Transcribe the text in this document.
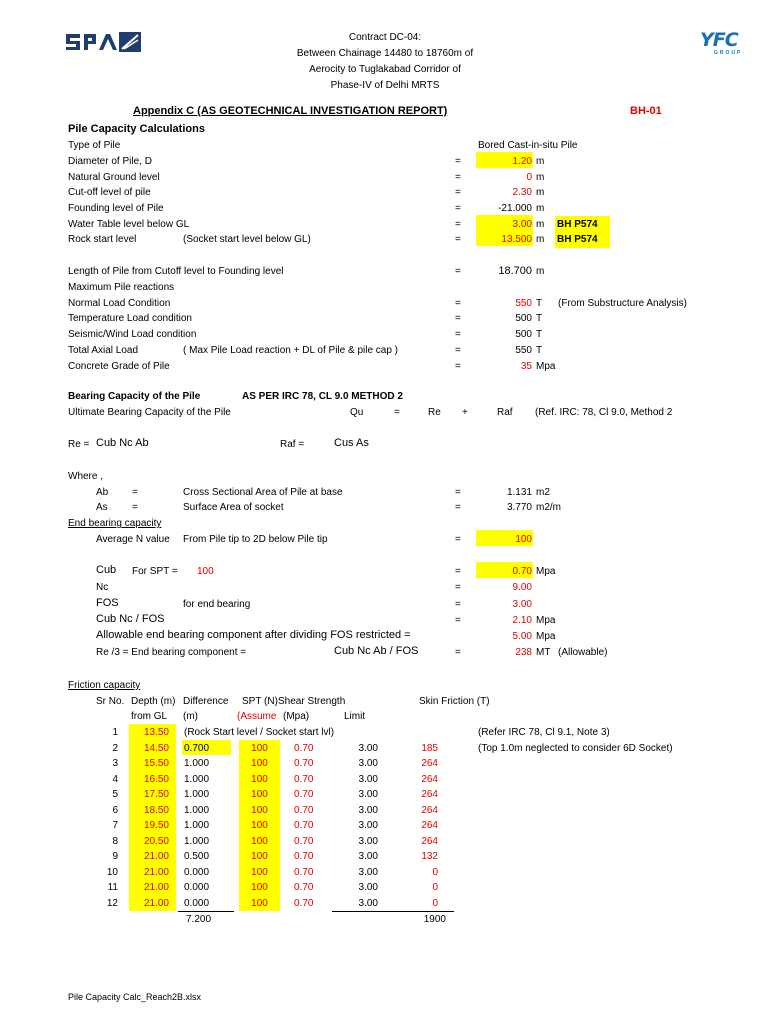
YFC
GROUP
Contract DC-04:
Between Chainage 14480 to 18760m of
Aerocity to Tuglakabad Corridor of
Phase-IV of Delhi MRTS
Appendix C (AS GEOTECHNICAL INVESTIGATION REPORT)	BH-01
Pile Capacity Calculations
Type of Pile	Bored Cast-in-situ Pile
Diameter of Pile, D	=	1.20 m
Natural Ground level	=	0 m
Cut-off level of pile	=	2.30 m
Founding level of Pile	=	-21.000 m
Water Table level below GL	=	3.00 m BH P574
Rock start level	(Socket start level below GL)	=	13.500 m BH P574
Length of Pile from Cutoff level to Founding level	=	18.700 m
Maximum Pile reactions
Normal Load Condition	=	550 T (From Substructure Analysis)
Temperature Load condition	=	500 T
Seismic/Wind Load condition	=	500 T
Total Axial Load	( Max Pile Load reaction + DL of Pile & pile cap )	=	550 T
Concrete Grade of Pile	=	35 Mpa
Bearing Capacity of the Pile	AS PER IRC 78, CL 9.0 METHOD 2
Ultimate Bearing Capacity of the Pile	Qu	=	Re +	Raf (Ref. IRC: 78, Cl 9.0, Method 2
Re = Cub Nc Ab	Raf =	Cus As
Where ,
Ab =	Cross Sectional Area of Pile at base	=	1.131 m2
As =	Surface Area of socket	=	3.770 m2/m
End bearing capacity
Average N value From Pile tip to 2D below Pile tip	=	100
Cub For SPT = 100	=	0.70 Mpa
Nc	=	9.00
FOS	for end bearing	=	3.00
Cub Nc / FOS	=	2.10 Mpa
Allowable end bearing component after dividing FOS restricted =	5.00 Mpa
Re /3 = End bearing component =	Cub Nc Ab / FOS	=	238 MT (Allowable)
Friction capacity
Sr No. Depth (m) Difference SPT (N) Shear Strength	Skin Friction (T)
from GL (m)	(Assume (Mpa)	Limit
1	13.50 (Rock Start level / Socket start lvl)	(Refer IRC 78, Cl 9.1, Note 3)
2	14.50 0.700	100	0.70	3.00	185	(Top 1.0m neglected to consider 6D Socket)
3	15.50 1.000	100	0.70	3.00	264
4	16.50 1.000	100	0.70	3.00	264
5	17.50 1.000	100	0.70	3.00	264
6	18.50 1.000	100	0.70	3.00	264
7	19.50 1.000	100	0.70	3.00	264
8	20.50 1.000	100	0.70	3.00	264
9	21.00 0.500	100	0.70	3.00	132
10	21.00 0.000	100	0.70	3.00	0
11	21.00 0.000	100	0.70	3.00	0
12	21.00 0.000	100	0.70	3.00	0
7.200	1900
Pile Capacity Calc_Reach2B.xlsx
